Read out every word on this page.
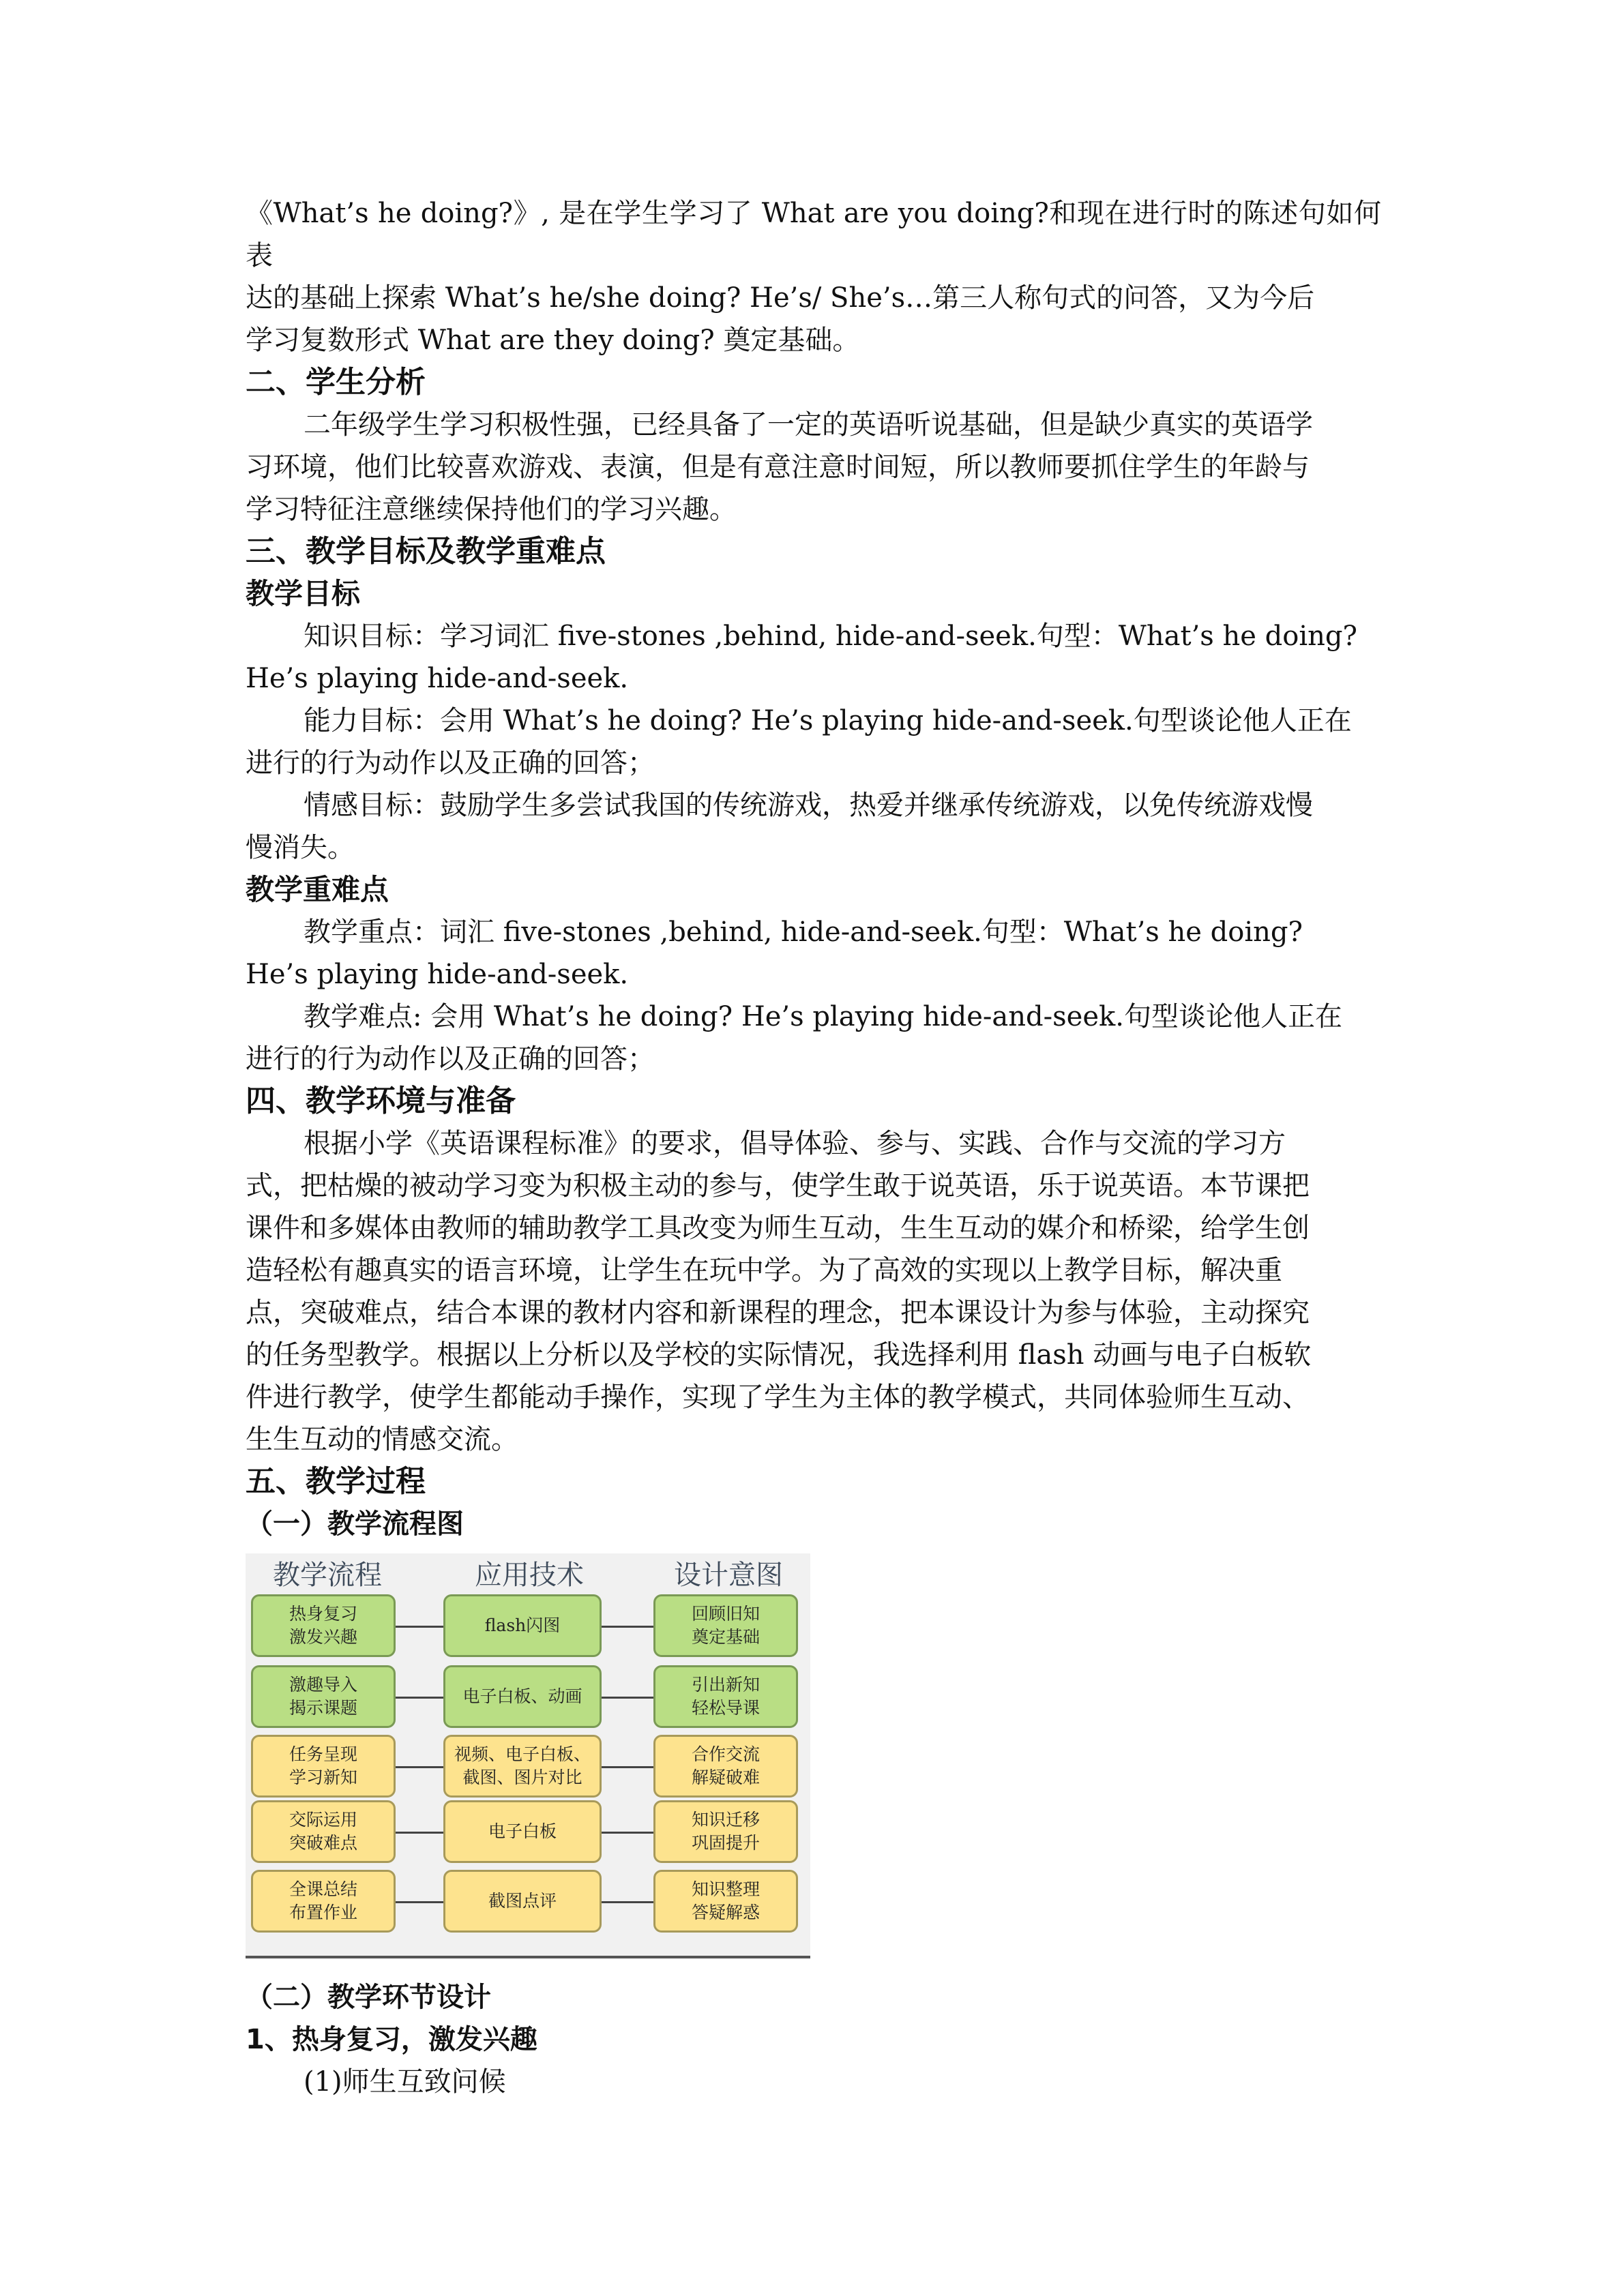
《What’s he doing?》, 是在学生学习了 What are you doing?和现在进行时的陈述句如何表
达的基础上探索 What’s he/she doing? He’s/ She’s…第三人称句式的问答，又为今后
学习复数形式 What are they doing? 奠定基础。

二、学生分析

二年级学生学习积极性强，已经具备了一定的英语听说基础，但是缺少真实的英语学
习环境，他们比较喜欢游戏、表演，但是有意注意时间短，所以教师要抓住学生的年龄与
学习特征注意继续保持他们的学习兴趣。

三、教学目标及教学重难点
教学目标

知识目标：学习词汇 five-stones ,behind, hide-and-seek.句型：What’s he doing?
He’s playing hide-and-seek.

能力目标：会用 What’s he doing? He’s playing hide-and-seek.句型谈论他人正在
进行的行为动作以及正确的回答；

情感目标：鼓励学生多尝试我国的传统游戏，热爱并继承传统游戏，以免传统游戏慢
慢消失。

教学重难点

教学重点：词汇 five-stones ,behind, hide-and-seek.句型：What’s he doing?
He’s playing hide-and-seek.

教学难点: 会用 What’s he doing? He’s playing hide-and-seek.句型谈论他人正在
进行的行为动作以及正确的回答；

四、教学环境与准备

根据小学《英语课程标准》的要求，倡导体验、参与、实践、合作与交流的学习方
式，把枯燥的被动学习变为积极主动的参与，使学生敢于说英语，乐于说英语。本节课把
课件和多媒体由教师的辅助教学工具改变为师生互动，生生互动的媒介和桥梁，给学生创
造轻松有趣真实的语言环境，让学生在玩中学。为了高效的实现以上教学目标，解决重
点，突破难点，结合本课的教材内容和新课程的理念，把本课设计为参与体验，主动探究
的任务型教学。根据以上分析以及学校的实际情况，我选择利用 flash 动画与电子白板软
件进行教学，使学生都能动手操作，实现了学生为主体的教学模式，共同体验师生互动、
生生互动的情感交流。

五、教学过程
（一）教学流程图
教学流程	应用技术	设计意图
热身复习
激发兴趣
flash闪图
回顾旧知
奠定基础
激趣导入
揭示课题
电子白板、动画
引出新知
轻松导课
任务呈现
学习新知
视频、电子白板、
截图、图片对比
合作交流
解疑破难
交际运用
突破难点
电子白板
知识迁移
巩固提升
全课总结
布置作业
截图点评
知识整理
答疑解惑
（二）教学环节设计
1、热身复习，激发兴趣

(1)师生互致问候
